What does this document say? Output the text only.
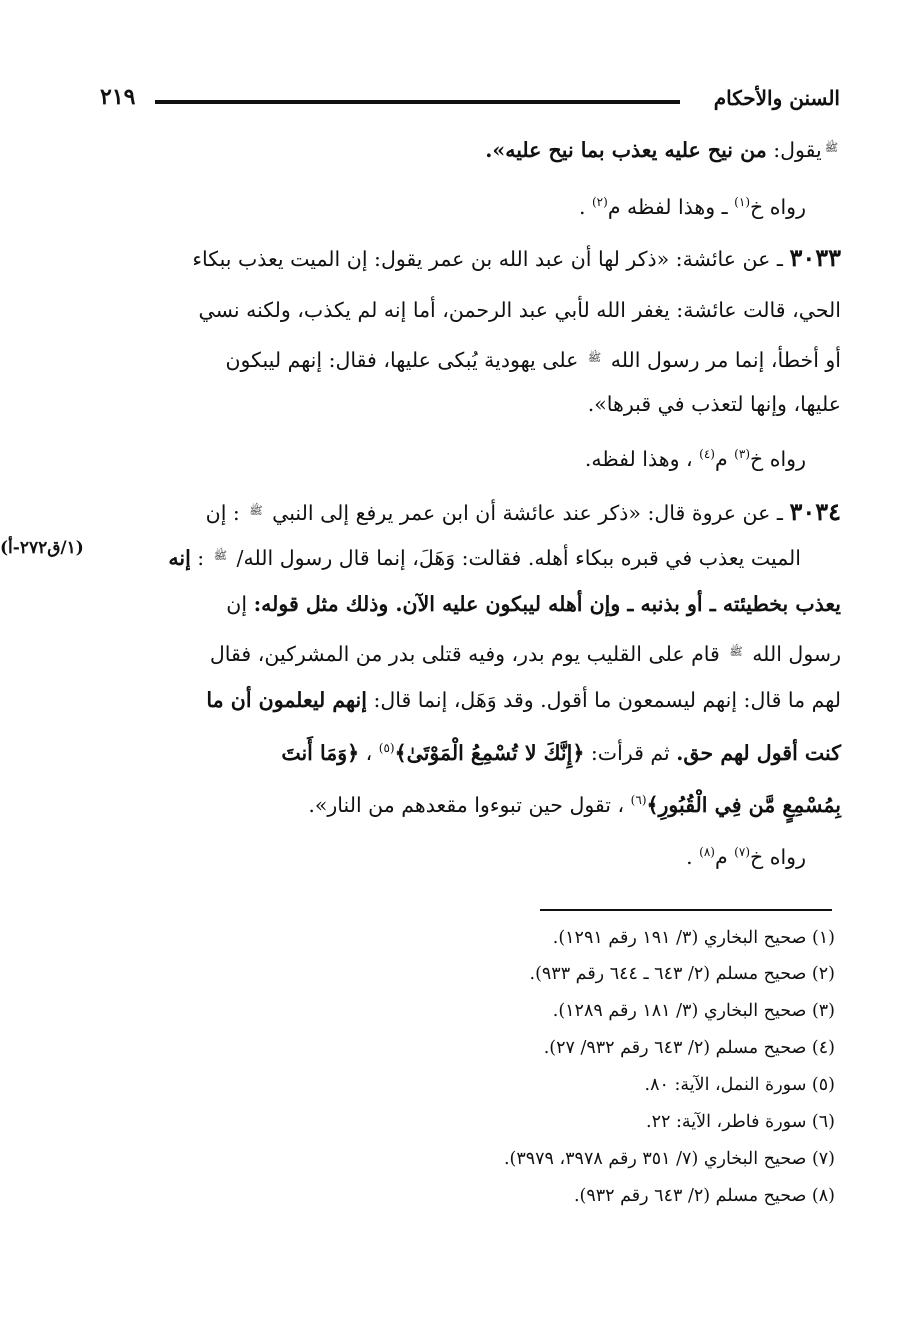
السنن والأحكام
٢١٩
$^ﷺ$يقول: من نيح عليه يعذب بما نيح عليه».
رواه خ$^{(١)}$ ـ وهذا لفظه م$^{(٢)}$ .
٣٠٣٣ ـ عن عائشة: «ذكر لها أن عبد الله بن عمر يقول: إن الميت يعذب ببكاء
الحي، قالت عائشة: يغفر الله لأبي عبد الرحمن، أما إنه لم يكذب، ولكنه نسي
أو أخطأ، إنما مر رسول الله $^ﷺ$ على يهودية يُبكى عليها، فقال: إنهم ليبكون
عليها، وإنها لتعذب في قبرها».
رواه خ$^{(٣)}$ م$^{(٤)}$ ، وهذا لفظه.
٣٠٣٤ ـ عن عروة قال: «ذكر عند عائشة أن ابن عمر يرفع إلى النبي $^ﷺ$ : إن
الميت يعذب في قبره ببكاء أهله. فقالت: وَهَلَ، إنما قال رسول الله/ $^ﷺ$ : إنه
(١/ق٢٧٢-أ)
يعذب بخطيئته ـ أو بذنبه ـ وإن أهله ليبكون عليه الآن. وذلك مثل قوله: إن
رسول الله $^ﷺ$ قام على القليب يوم بدر، وفيه قتلى بدر من المشركين، فقال
لهم ما قال: إنهم ليسمعون ما أقول. وقد وَهَل، إنما قال: إنهم ليعلمون أن ما
كنت أقول لهم حق. ثم قرأت: ﴿إِنَّكَ لا تُسْمِعُ الْمَوْتَىٰ﴾$^{(٥)}$ ، ﴿وَمَا أَنتَ
بِمُسْمِعٍ مَّن فِي الْقُبُورِ﴾$^{(٦)}$ ، تقول حين تبوءوا مقعدهم من النار».
رواه خ$^{(٧)}$ م$^{(٨)}$ .
(١) صحيح البخاري (٣/ ١٩١ رقم ١٢٩١).
(٢) صحيح مسلم (٢/ ٦٤٣ ـ ٦٤٤ رقم ٩٣٣).
(٣) صحيح البخاري (٣/ ١٨١ رقم ١٢٨٩).
(٤) صحيح مسلم (٢/ ٦٤٣ رقم ٩٣٢/ ٢٧).
(٥) سورة النمل، الآية: ٨٠.
(٦) سورة فاطر، الآية: ٢٢.
(٧) صحيح البخاري (٧/ ٣٥١ رقم ٣٩٧٨، ٣٩٧٩).
(٨) صحيح مسلم (٢/ ٦٤٣ رقم ٩٣٢).
